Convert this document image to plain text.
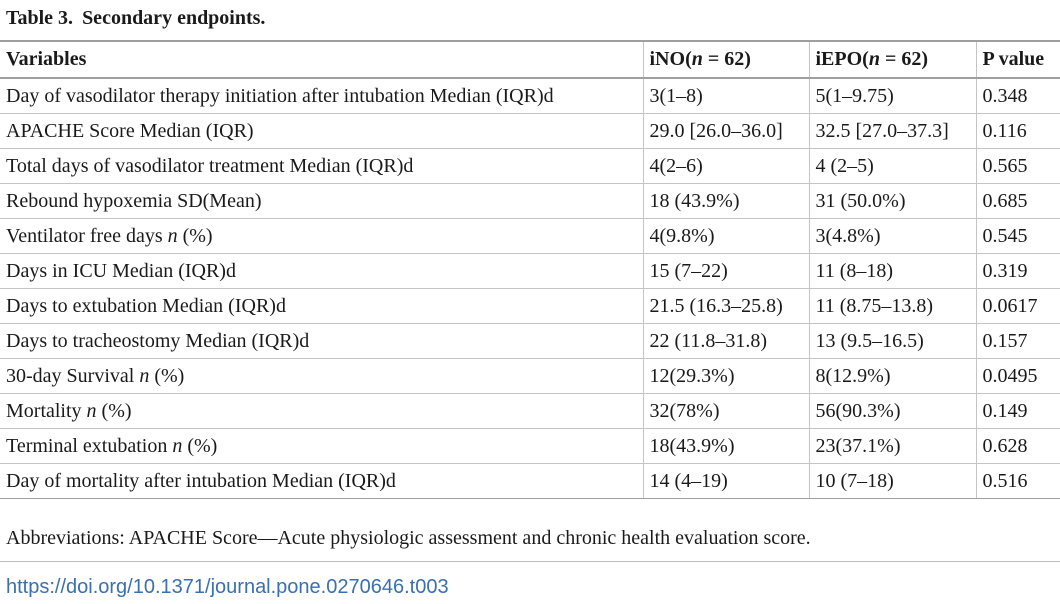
Table 3. Secondary endpoints.
Variables	iNO(n = 62)	iEPO(n = 62)	P value
Day of vasodilator therapy initiation after intubation Median (IQR)d	3(1–8)	5(1–9.75)	0.348
APACHE Score Median (IQR)	29.0 [26.0–36.0]	32.5 [27.0–37.3]	0.116
Total days of vasodilator treatment Median (IQR)d	4(2–6)	4 (2–5)	0.565
Rebound hypoxemia SD(Mean)	18 (43.9%)	31 (50.0%)	0.685
Ventilator free days n (%)	4(9.8%)	3(4.8%)	0.545
Days in ICU Median (IQR)d	15 (7–22)	11 (8–18)	0.319
Days to extubation Median (IQR)d	21.5 (16.3–25.8)	11 (8.75–13.8)	0.0617
Days to tracheostomy Median (IQR)d	22 (11.8–31.8)	13 (9.5–16.5)	0.157
30-day Survival n (%)	12(29.3%)	8(12.9%)	0.0495
Mortality n (%)	32(78%)	56(90.3%)	0.149
Terminal extubation n (%)	18(43.9%)	23(37.1%)	0.628
Day of mortality after intubation Median (IQR)d	14 (4–19)	10 (7–18)	0.516
Abbreviations: APACHE Score—Acute physiologic assessment and chronic health evaluation score.
https://doi.org/10.1371/journal.pone.0270646.t003
